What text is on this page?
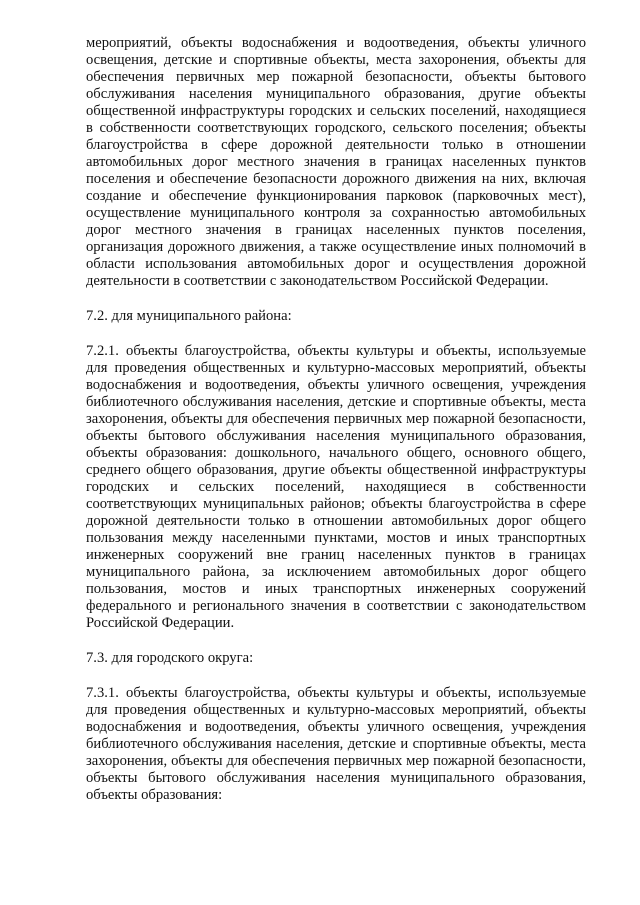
мероприятий, объекты водоснабжения и водоотведения, объекты уличного освещения, детские и спортивные объекты, места захоронения, объекты для обеспечения первичных мер пожарной безопасности, объекты бытового обслуживания населения муниципального образования, другие объекты общественной инфраструктуры городских и сельских поселений, находящиеся в собственности соответствующих городского, сельского поселения; объекты благоустройства в сфере дорожной деятельности только в отношении автомобильных дорог местного значения в границах населенных пунктов поселения и обеспечение безопасности дорожного движения на них, включая создание и обеспечение функционирования парковок (парковочных мест), осуществление муниципального контроля за сохранностью автомобильных дорог местного значения в границах населенных пунктов поселения, организация дорожного движения, а также осуществление иных полномочий в области использования автомобильных дорог и осуществления дорожной деятельности в соответствии с законодательством Российской Федерации.

7.2. для муниципального района:

7.2.1. объекты благоустройства, объекты культуры и объекты, используемые для проведения общественных и культурно-массовых мероприятий, объекты водоснабжения и водоотведения, объекты уличного освещения, учреждения библиотечного обслуживания населения, детские и спортивные объекты, места захоронения, объекты для обеспечения первичных мер пожарной безопасности, объекты бытового обслуживания населения муниципального образования, объекты образования: дошкольного, начального общего, основного общего, среднего общего образования, другие объекты общественной инфраструктуры городских и сельских поселений, находящиеся в собственности соответствующих муниципальных районов; объекты благоустройства в сфере дорожной деятельности только в отношении автомобильных дорог общего пользования между населенными пунктами, мостов и иных транспортных инженерных сооружений вне границ населенных пунктов в границах муниципального района, за исключением автомобильных дорог общего пользования, мостов и иных транспортных инженерных сооружений федерального и регионального значения в соответствии с законодательством Российской Федерации.

7.3. для городского округа:

7.3.1. объекты благоустройства, объекты культуры и объекты, используемые для проведения общественных и культурно-массовых мероприятий, объекты водоснабжения и водоотведения, объекты уличного освещения, учреждения библиотечного обслуживания населения, детские и спортивные объекты, места захоронения, объекты для обеспечения первичных мер пожарной безопасности, объекты бытового обслуживания населения муниципального образования, объекты образования:
